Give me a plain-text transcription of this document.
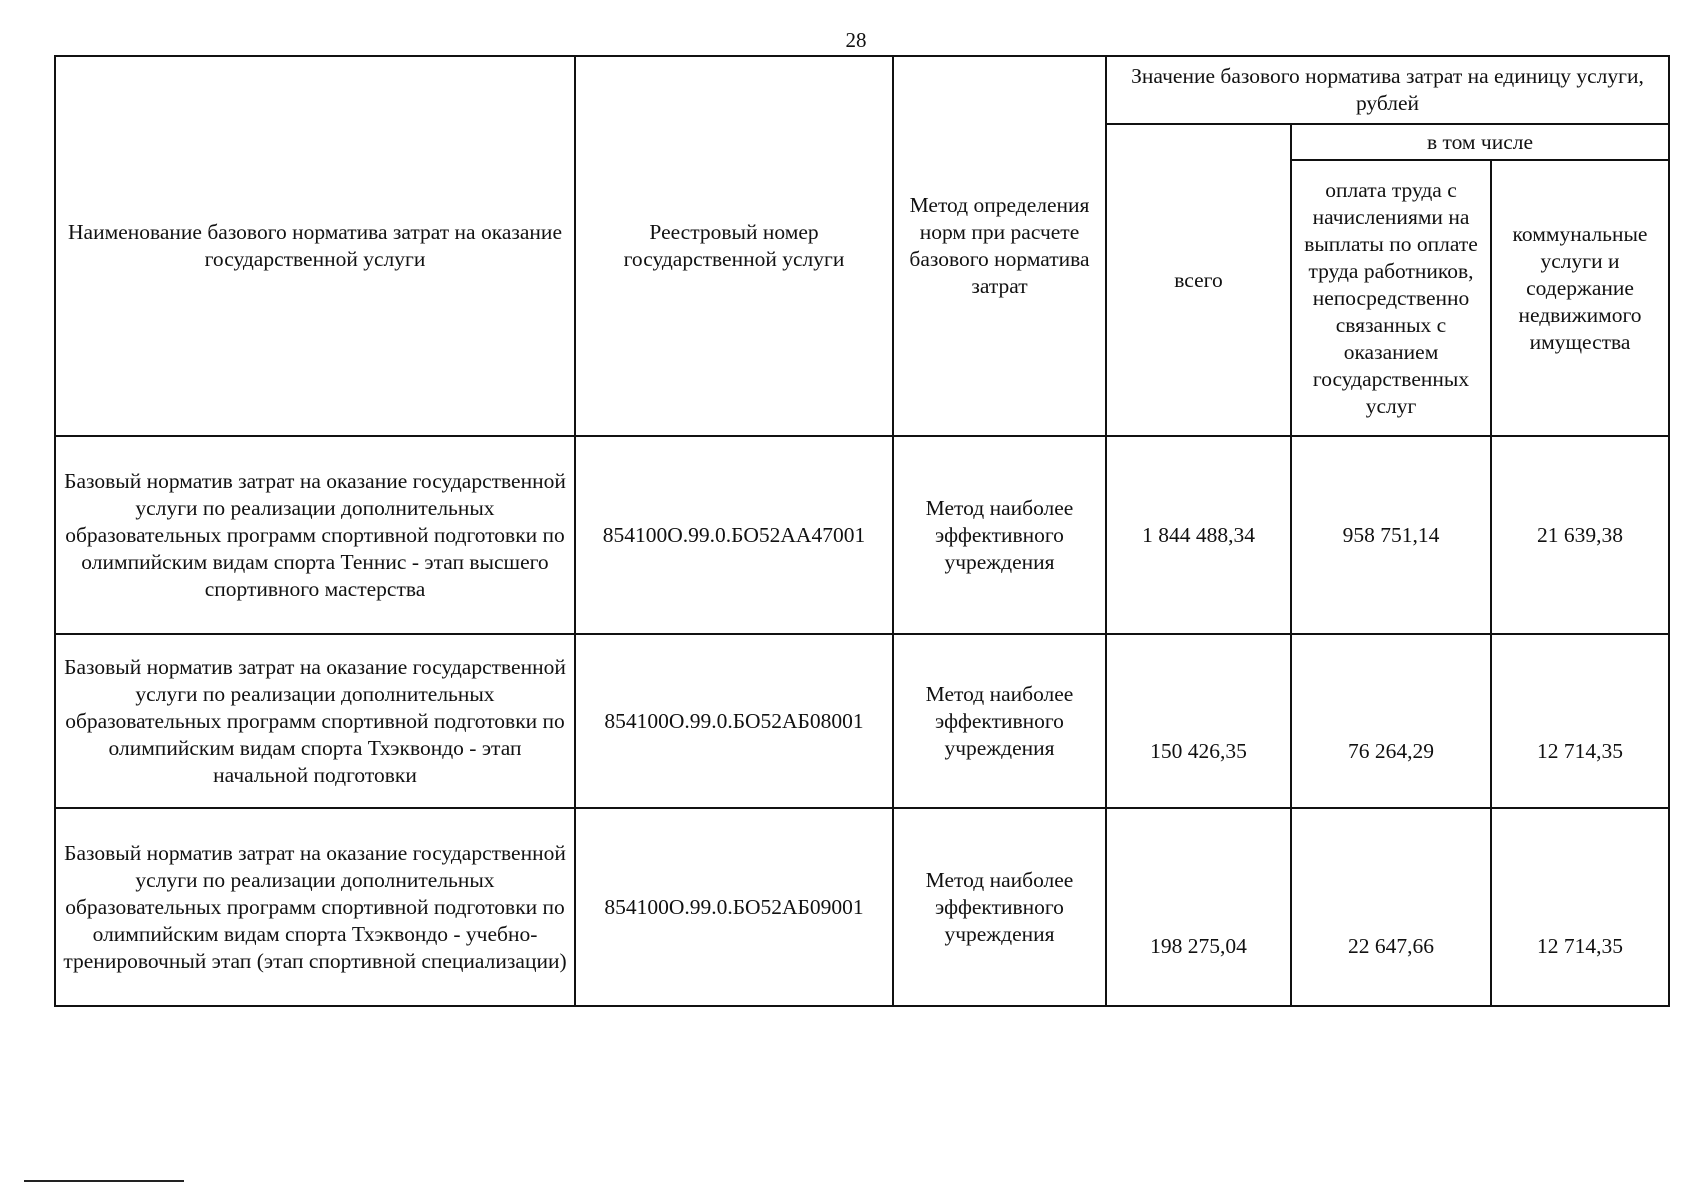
28
Наименование базового норматива затрат на оказание государственной услуги	Реестровый номер государственной услуги	Метод определения норм при расчете базового норматива затрат	Значение базового норматива затрат на единицу услуги, рублей		
			всего	в том числе	
				оплата труда с начислениями на выплаты по оплате труда работников, непосредственно связанных с оказанием государственных услуг	коммунальные услуги и содержание недвижимого имущества
Базовый норматив затрат на оказание государственной услуги по реализации дополнительных образовательных программ спортивной подготовки по олимпийским видам спорта Теннис - этап высшего спортивного мастерства	854100О.99.0.БО52АА47001	Метод наиболее эффективного учреждения	1 844 488,34	958 751,14	21 639,38
Базовый норматив затрат на оказание государственной услуги по реализации дополнительных образовательных программ спортивной подготовки по олимпийским видам спорта Тхэквондо - этап начальной подготовки	854100О.99.0.БО52АБ08001	Метод наиболее эффективного учреждения	150 426,35	76 264,29	12 714,35
Базовый норматив затрат на оказание государственной услуги по реализации дополнительных образовательных программ спортивной подготовки по олимпийским видам спорта Тхэквондо - учебно-тренировочный этап (этап спортивной специализации)	854100О.99.0.БО52АБ09001	Метод наиболее эффективного учреждения	198 275,04	22 647,66	12 714,35
